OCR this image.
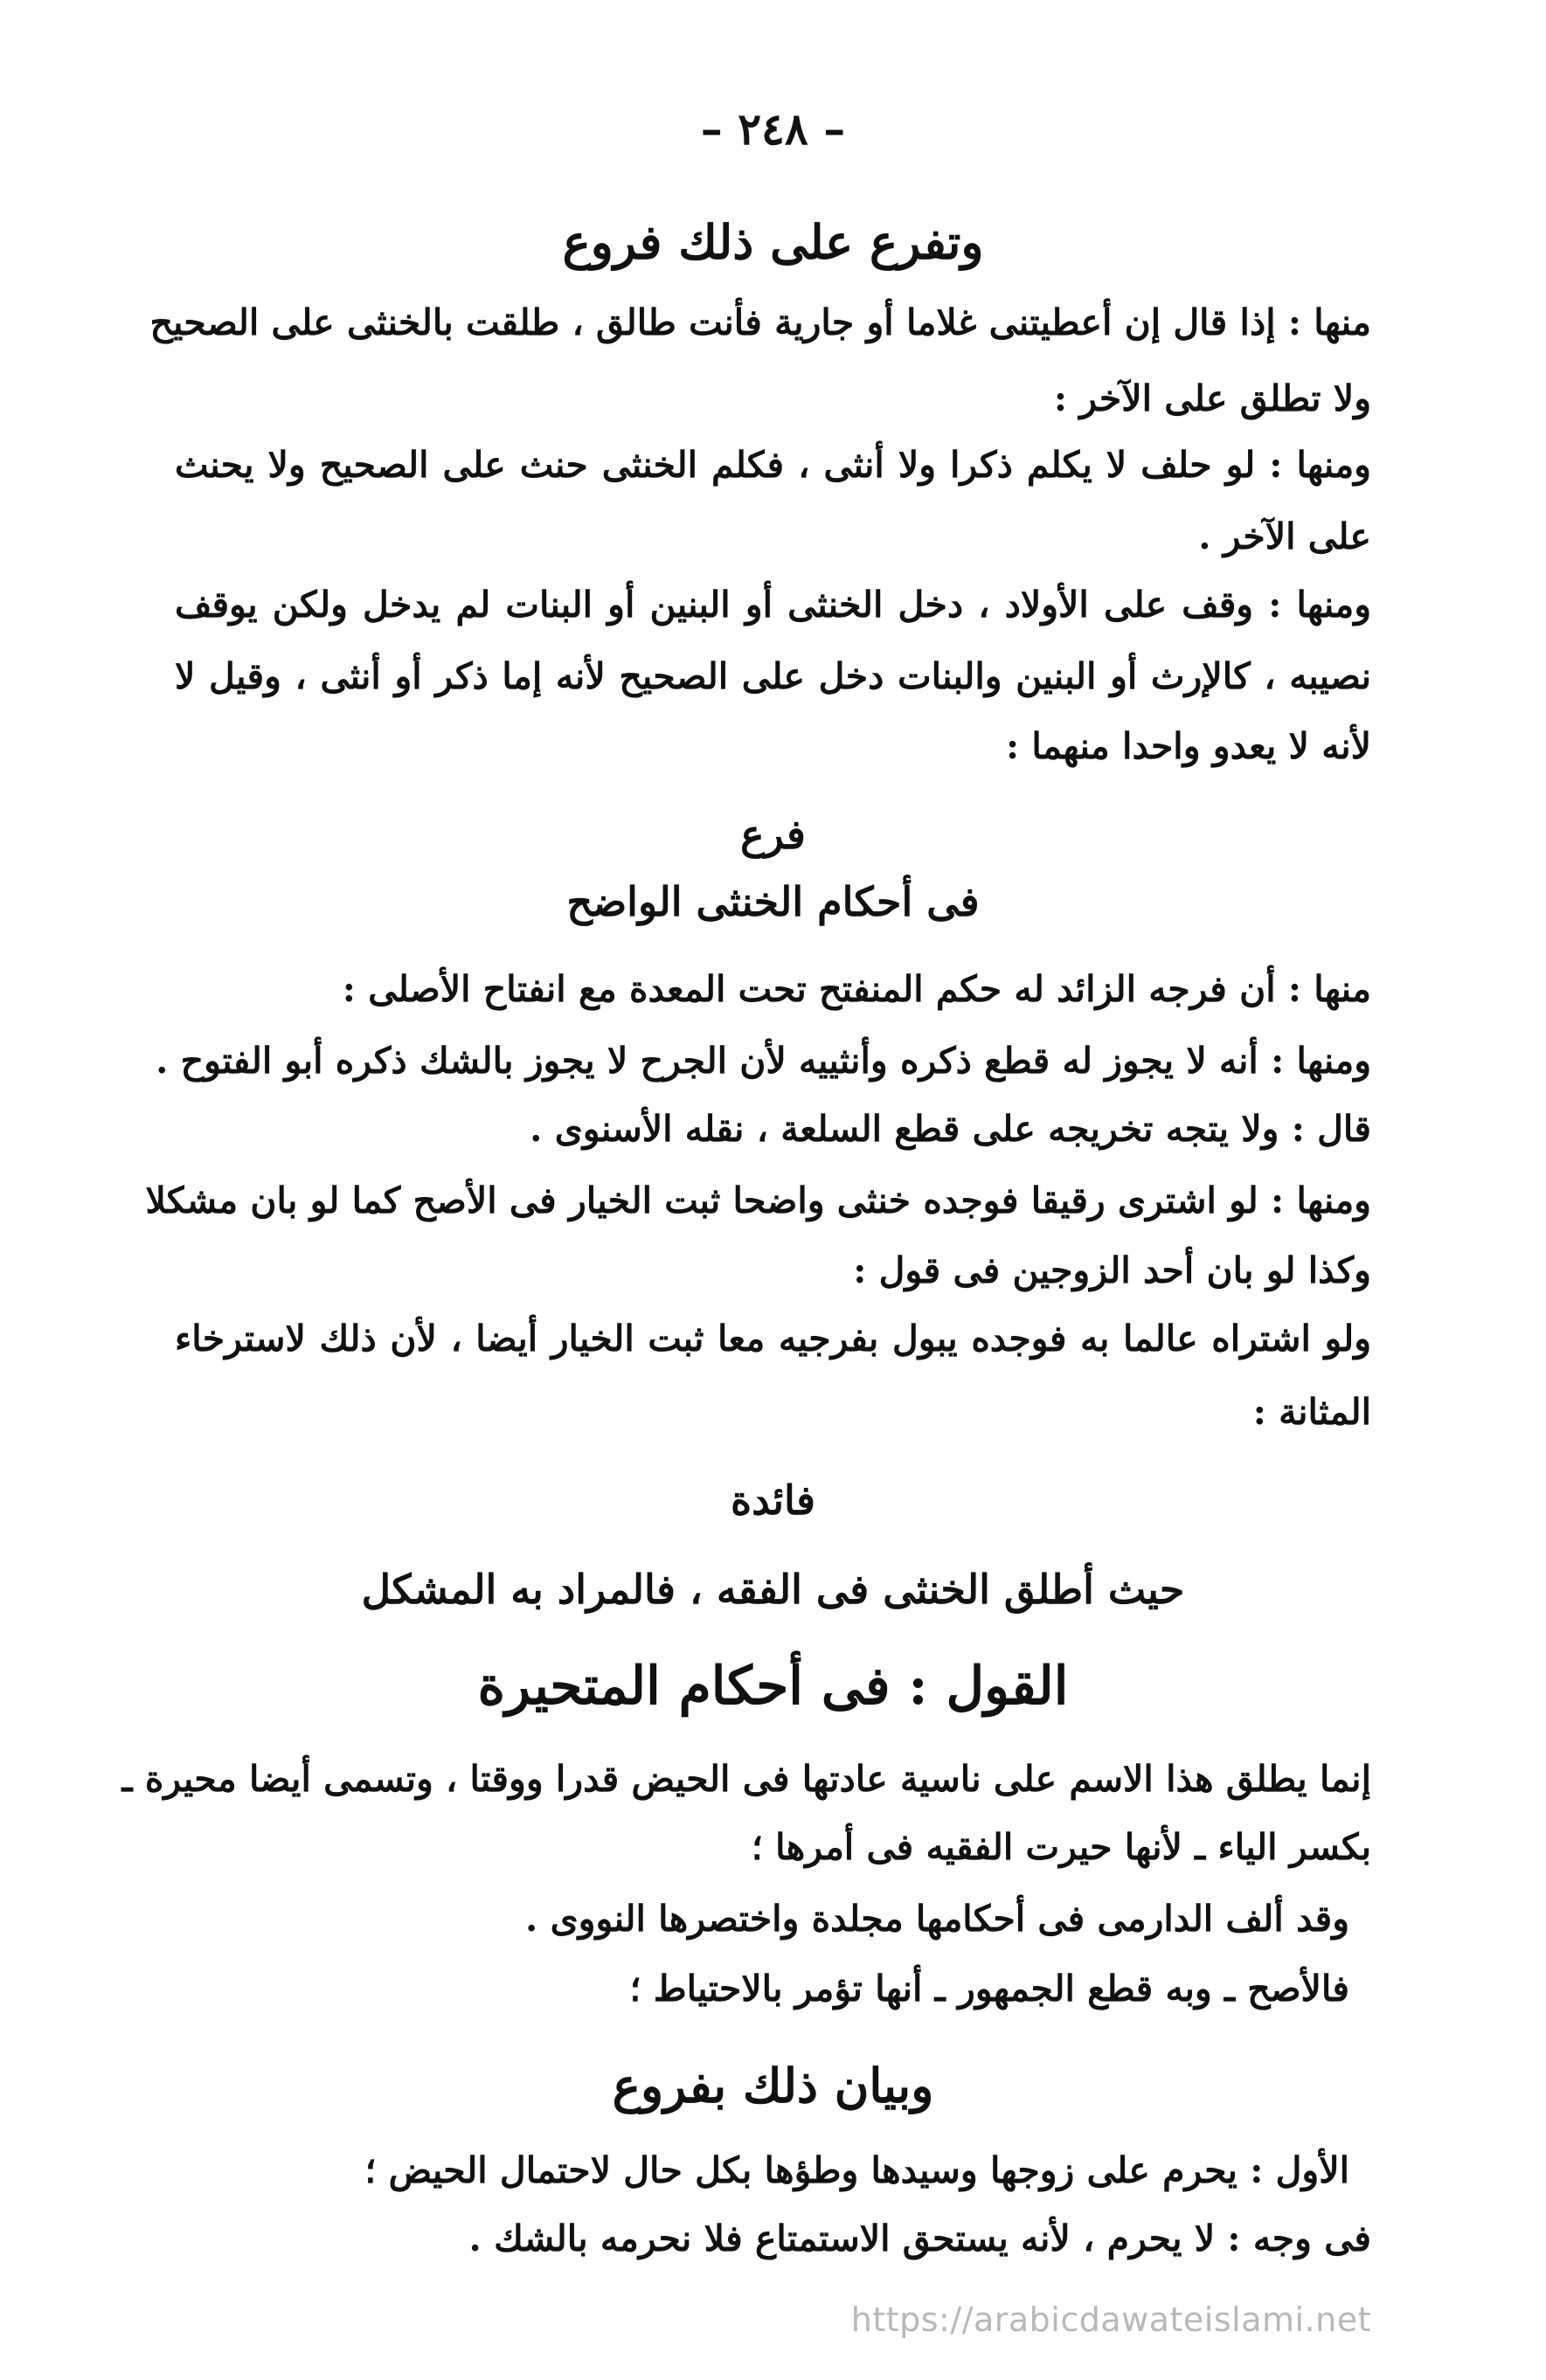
– ٢٤٨ –
وتفرع على ذلك فروع
منها : إذا قال إن أعطيتنى غلاما أو جارية فأنت طالق ، طلقت بالخنثى على الصحيح
ولا تطلق على الآخر :
ومنها : لو حلف لا يكلم ذكرا ولا أنثى ، فكلم الخنثى حنث على الصحيح ولا يحنث
على الآخر .
ومنها : وقف على الأولاد ، دخل الخنثى أو البنين أو البنات لم يدخل ولكن يوقف
نصيبه ، كالإرث أو البنين والبنات دخل على الصحيح لأنه إما ذكر أو أنثى ، وقيل لا
لأنه لا يعدو واحدا منهما :
فرع
فى أحكام الخنثى الواضح
منها : أن فرجه الزائد له حكم المنفتح تحت المعدة مع انفتاح الأصلى :
ومنها : أنه لا يجوز له قطع ذكره وأنثييه لأن الجرح لا يجوز بالشك ذكره أبو الفتوح .
قال : ولا يتجه تخريجه على قطع السلعة ، نقله الأسنوى .
ومنها : لو اشترى رقيقا فوجده خنثى واضحا ثبت الخيار فى الأصح كما لو بان مشكلا
وكذا لو بان أحد الزوجين فى قول :
ولو اشتراه عالما به فوجده يبول بفرجيه معا ثبت الخيار أيضا ، لأن ذلك لاسترخاء
المثانة :
فائدة
حيث أطلق الخنثى فى الفقه ، فالمراد به المشكل
القول : فى أحكام المتحيرة
إنما يطلق هذا الاسم على ناسية عادتها فى الحيض قدرا ووقتا ، وتسمى أيضا محيرة ـ
بكسر الياء ـ لأنها حيرت الفقيه فى أمرها ؛
وقد ألف الدارمى فى أحكامها مجلدة واختصرها النووى .
فالأصح ـ وبه قطع الجمهور ـ أنها تؤمر بالاحتياط ؛
وبيان ذلك بفروع
الأول : يحرم على زوجها وسيدها وطؤها بكل حال لاحتمال الحيض ؛
فى وجه : لا يحرم ، لأنه يستحق الاستمتاع فلا نحرمه بالشك .
https://arabicdawateislami.net
